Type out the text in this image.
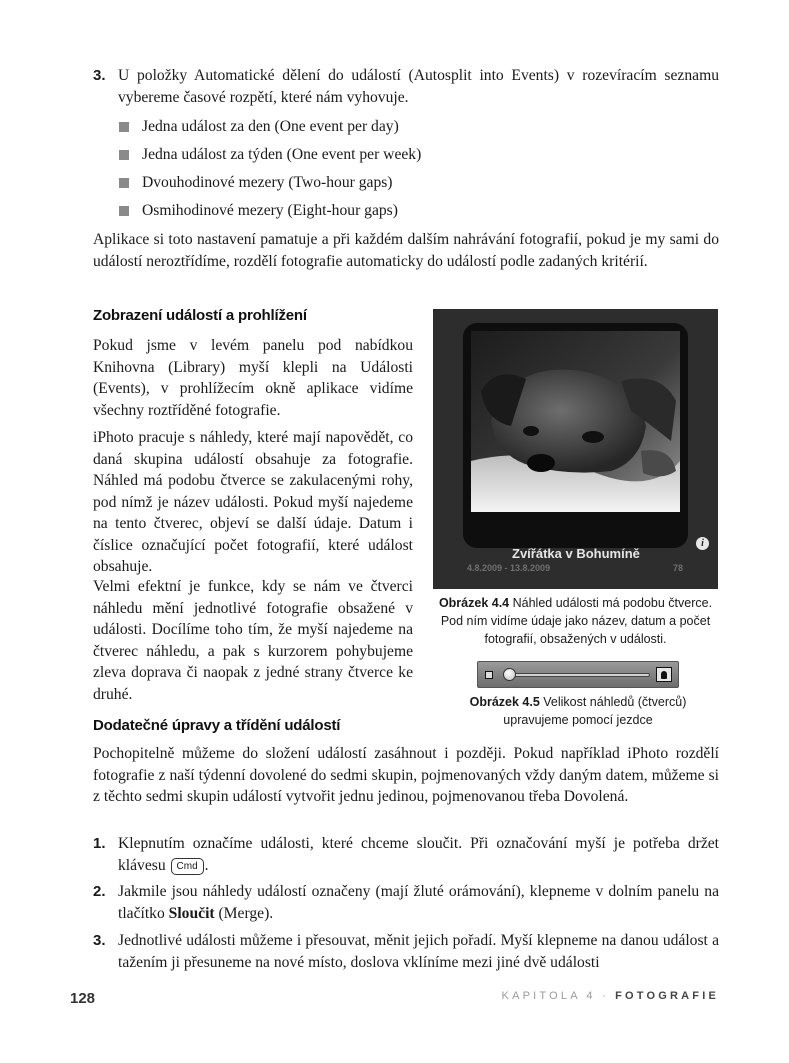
3. U položky Automatické dělení do událostí (Autosplit into Events) v rozevíracím seznamu vybereme časové rozpětí, které nám vyhovuje.
Jedna událost za den (One event per day)
Jedna událost za týden (One event per week)
Dvouhodinové mezery (Two-hour gaps)
Osmihodinové mezery (Eight-hour gaps)

Aplikace si toto nastavení pamatuje a při každém dalším nahrávání fotografií, pokud je my sami do událostí neroztřídíme, rozdělí fotografie automaticky do událostí podle zadaných kritérií.

Zobrazení událostí a prohlížení

Pokud jsme v levém panelu pod nabídkou Knihovna (Library) myší klepli na Události (Events), v prohlížecím okně aplikace vidíme všechny roztříděné fotografie.

iPhoto pracuje s náhledy, které mají napovědět, co daná skupina událostí obsahuje za fotografie. Náhled má podobu čtverce se zakulacenými rohy, pod nímž je název události. Pokud myší najedeme na tento čtverec, objeví se další údaje. Datum i číslice označující počet fotografií, které událost obsahuje.

Velmi efektní je funkce, kdy se nám ve čtverci náhledu mění jednotlivé fotografie obsažené v události. Docílíme toho tím, že myší najedeme na čtverec náhledu, a pak s kurzorem pohybujeme zleva doprava či naopak z jedné strany čtverce ke druhé.

i
Zvířátka v Bohumíně
4.8.2009 - 13.8.2009	78
Obrázek 4.4 Náhled události má podobu čtverce. Pod ním vidíme údaje jako název, datum a počet fotografií, obsažených v události.
Obrázek 4.5 Velikost náhledů (čtverců) upravujeme pomocí jezdce
Dodatečné úpravy a třídění událostí

Pochopitelně můžeme do složení událostí zasáhnout i později. Pokud například iPhoto rozdělí fotografie z naší týdenní dovolené do sedmi skupin, pojmenovaných vždy daným datem, můžeme si z těchto sedmi skupin událostí vytvořit jednu jedinou, pojmenovanou třeba Dovolená.

1. Klepnutím označíme události, které chceme sloučit. Při označování myší je potřeba držet klávesu Cmd .
2. Jakmile jsou náhledy událostí označeny (mají žluté orámování), klepneme v dolním panelu na tlačítko Sloučit (Merge).
3. Jednotlivé události můžeme i přesouvat, měnit jejich pořadí. Myší klepneme na danou událost a tažením ji přesuneme na nové místo, doslova vklíníme mezi jiné dvě události
128	KAPITOLA 4 · FOTOGRAFIE
